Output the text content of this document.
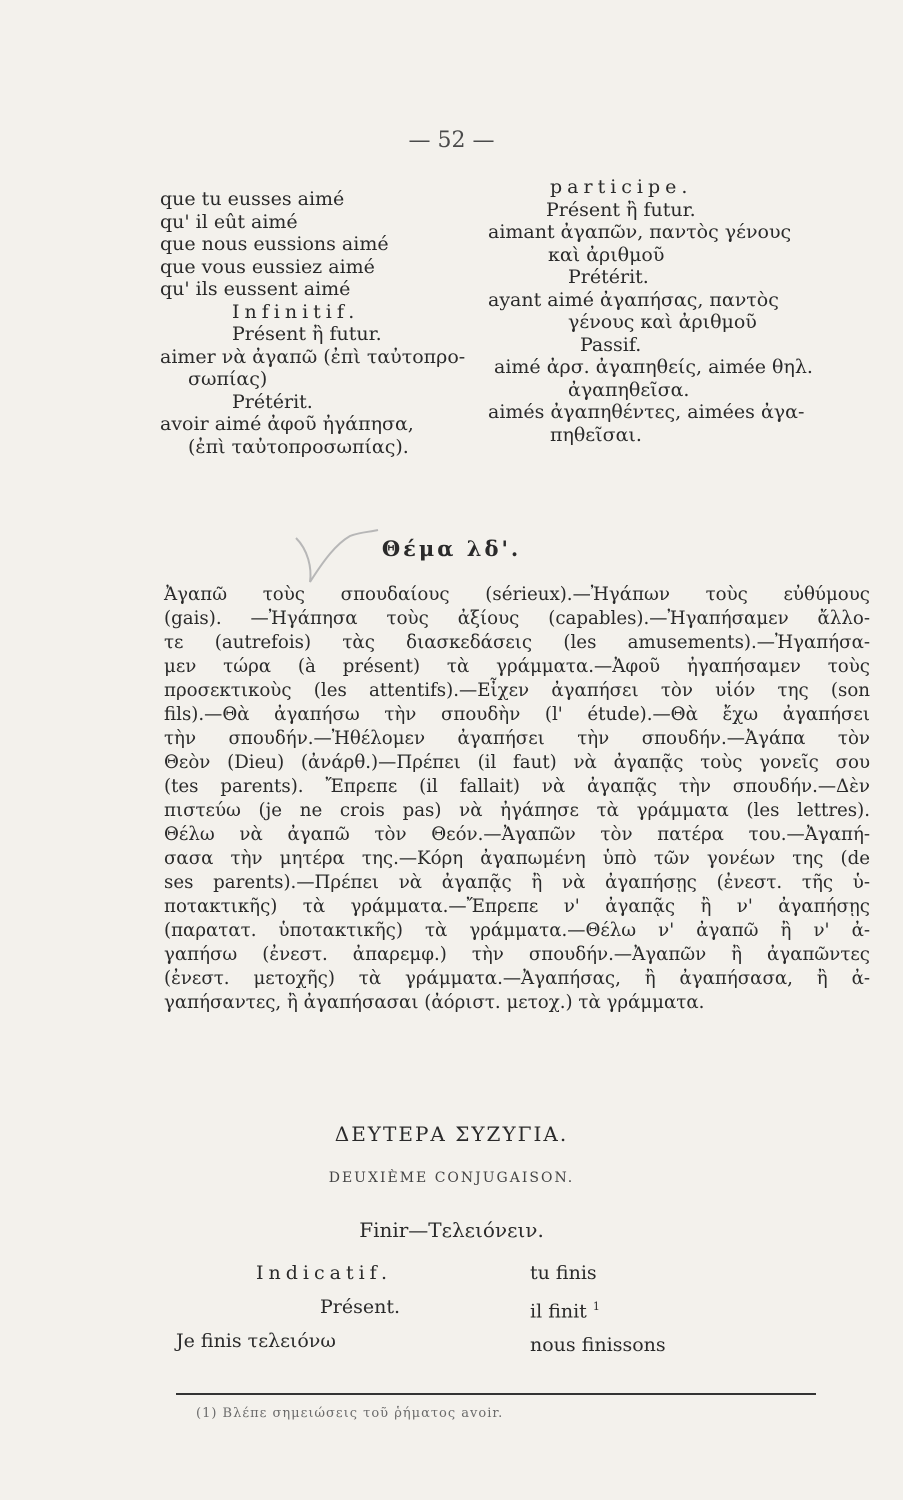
— 52 —
que tu eusses aimé
qu' il eût aimé
que nous eussions aimé
que vous eussiez aimé
qu' ils eussent aimé
Infinitif.
Présent ἢ futur.
aimer νὰ ἀγαπῶ (ἐπὶ ταὐτοπρο-
σωπίας)
Prétérit.
avoir aimé ἀφοῦ ἠγάπησα,
(ἐπὶ ταὐτοπροσωπίας).
participe.
Présent ἢ futur.
aimant ἀγαπῶν, παντὸς γένους
καὶ ἀριθμοῦ
Prétérit.
ayant aimé ἀγαπήσας, παντὸς
γένους καὶ ἀριθμοῦ
Passif.
aimé ἀρσ. ἀγαπηθείς, aimée θηλ.
ἀγαπηθεῖσα.
aimés ἀγαπηθέντες, aimées ἀγα-
πηθεῖσαι.
Θέμα λδ'.
Ἀγαπῶ τοὺς σπουδαίους (sérieux).—Ἠγάπων τοὺς εὐθύμους
(gais). —Ἠγάπησα τοὺς ἀξίους (capables).—Ἠγαπήσαμεν ἄλλο-
τε (autrefois) τὰς διασκεδάσεις (les amusements).—Ἠγαπήσα-
μεν τώρα (à présent) τὰ γράμματα.—Ἀφοῦ ἠγαπήσαμεν τοὺς
προσεκτικοὺς (les attentifs).—Εἶχεν ἀγαπήσει τὸν υἱόν της (son
fils).—Θὰ ἀγαπήσω τὴν σπουδὴν (l' étude).—Θὰ ἔχω ἀγαπήσει
τὴν σπουδήν.—Ἠθέλομεν ἀγαπήσει τὴν σπουδήν.—Ἀγάπα τὸν
Θεὸν (Dieu) (ἀνάρθ.)—Πρέπει (il faut) νὰ ἀγαπᾷς τοὺς γονεῖς σου
(tes parents). Ἔπρεπε (il fallait) νὰ ἀγαπᾷς τὴν σπουδήν.—Δὲν
πιστεύω (je ne crois pas) νὰ ἠγάπησε τὰ γράμματα (les lettres).
Θέλω νὰ ἀγαπῶ τὸν Θεόν.—Ἀγαπῶν τὸν πατέρα του.—Ἀγαπή-
σασα τὴν μητέρα της.—Κόρη ἀγαπωμένη ὑπὸ τῶν γονέων της (de
ses parents).—Πρέπει νὰ ἀγαπᾷς ἢ νὰ ἀγαπήσῃς (ἐνεστ. τῆς ὑ-
ποτακτικῆς) τὰ γράμματα.—Ἔπρεπε ν' ἀγαπᾷς ἢ ν' ἀγαπήσῃς
(παρατατ. ὑποτακτικῆς) τὰ γράμματα.—Θέλω ν' ἀγαπῶ ἢ ν' ἀ-
γαπήσω (ἐνεστ. ἀπαρεμφ.) τὴν σπουδήν.—Ἀγαπῶν ἢ ἀγαπῶντες
(ἐνεστ. μετοχῆς) τὰ γράμματα.—Ἀγαπήσας, ἢ ἀγαπήσασα, ἢ ἀ-
γαπήσαντες, ἢ ἀγαπήσασαι (ἀόριστ. μετοχ.) τὰ γράμματα.
ΔΕΥΤΕΡΑ ΣΥΖΥΓΙΑ.
DEUXIÈME CONJUGAISON.
Finir—Τελειόνειν.
Indicatif.
Présent.
Je finis τελειόνω
tu finis
il finit $^1$
nous finissons
(1) Βλέπε σημειώσεις τοῦ ῥήματος avoir.
